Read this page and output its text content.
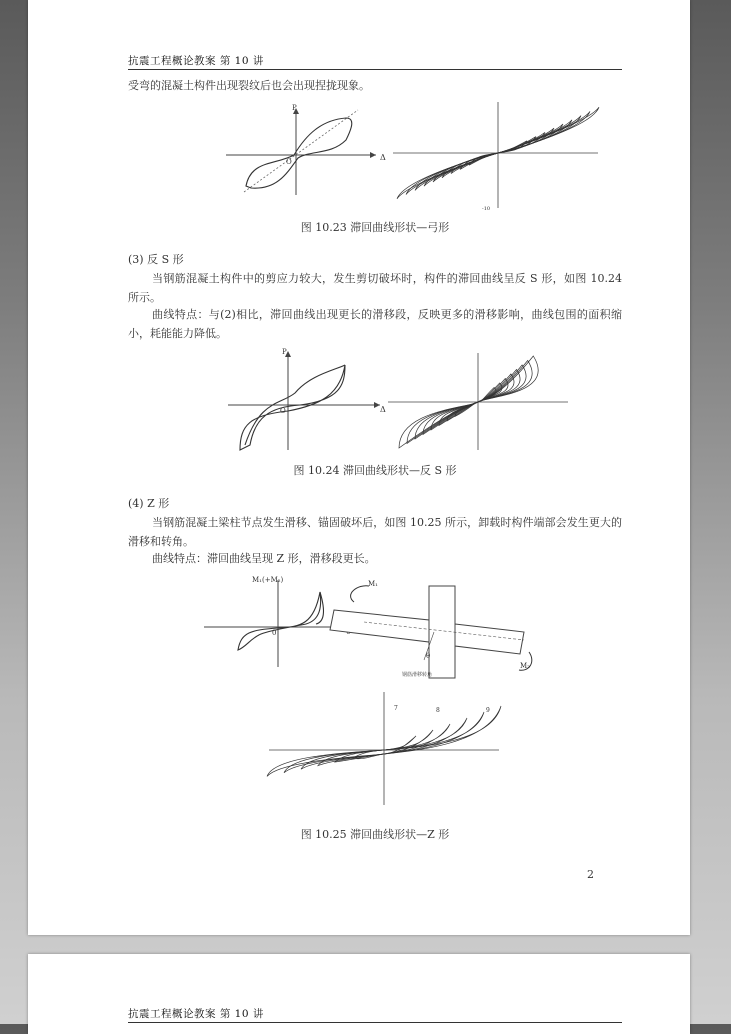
抗震工程概论教案 第 10 讲
受弯的混凝土构件出现裂纹后也会出现捏拢现象。
P
Δ
O
-10
图 10.23 滞回曲线形状—弓形
(3) 反 S 形
当钢筋混凝土构件中的剪应力较大，发生剪切破坏时，构件的滞回曲线呈反 S 形，如图 10.24 所示。
曲线特点：与(2)相比，滞回曲线出现更长的滑移段，反映更多的滑移影响，曲线包围的面积缩小，耗能能力降低。
P
Δ
O
图 10.24 滞回曲线形状—反 S 形
(4) Z 形
当钢筋混凝土梁柱节点发生滑移、锚固破坏后，如图 10.25 所示，卸载时构件端部会发生更大的滑移和转角。
曲线特点：滞回曲线呈现 Z 形，滑移段更长。
M₁(+M₂)
0
M₁
M₂
θ
钢筋滑移转角
7	8	9
图 10.25 滞回曲线形状—Z 形
2
抗震工程概论教案 第 10 讲
